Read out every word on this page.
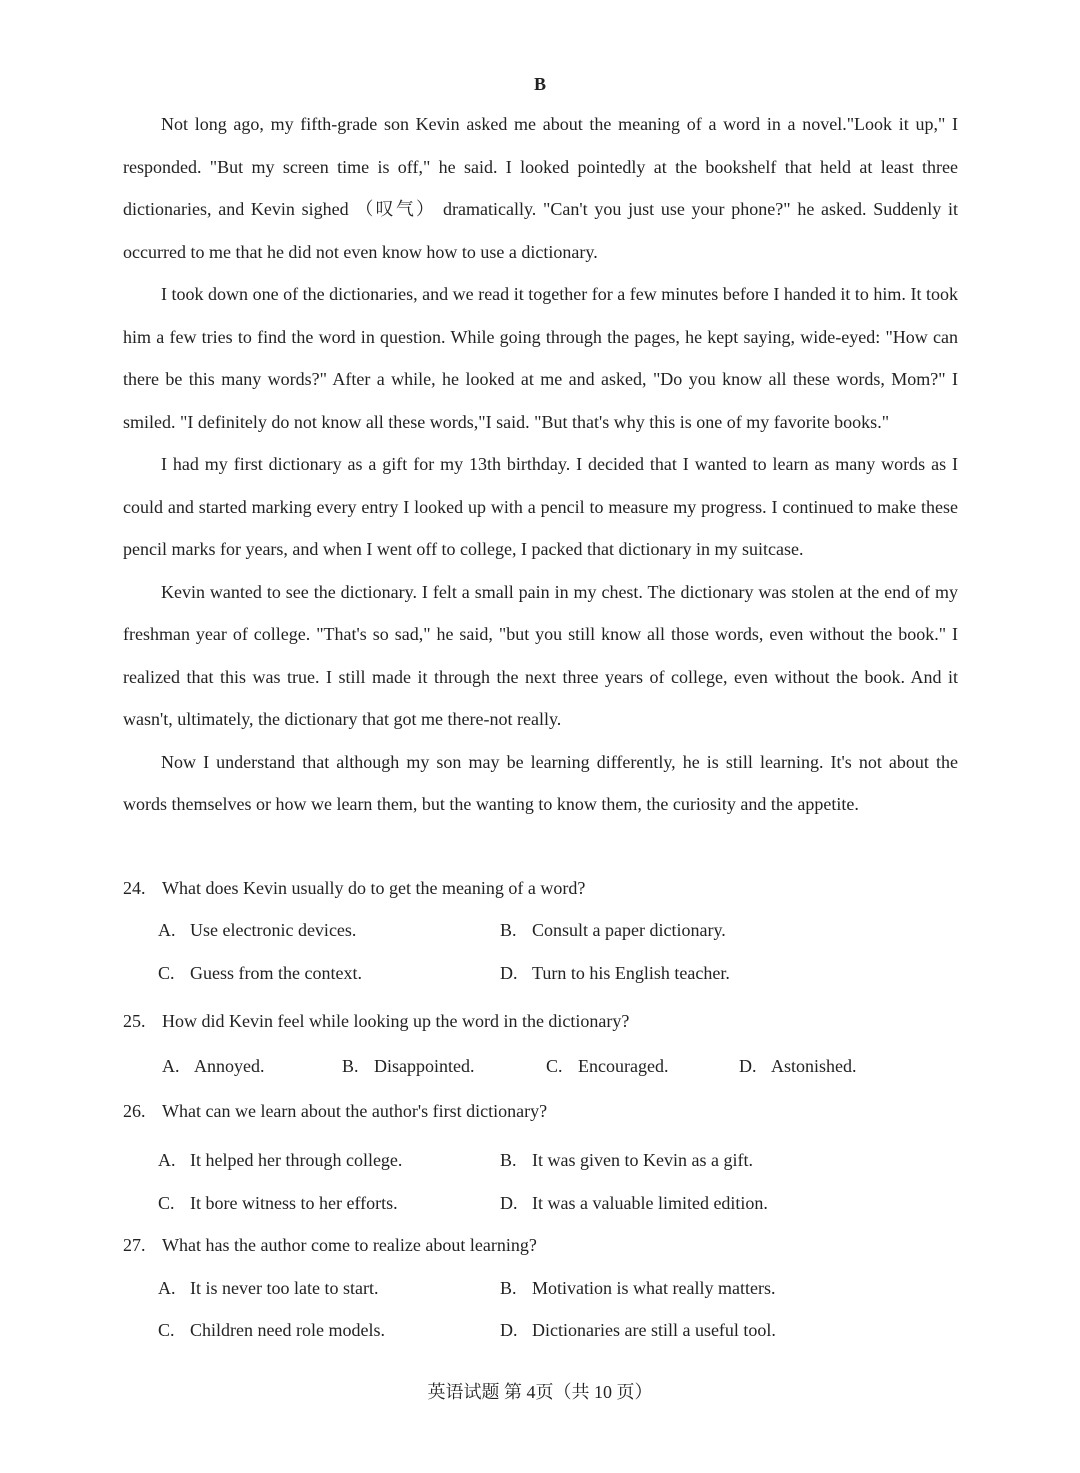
B

Not long ago, my fifth-grade son Kevin asked me about the meaning of a word in a novel."Look it up," I responded. "But my screen time is off," he said. I looked pointedly at the bookshelf that held at least three dictionaries, and Kevin sighed （叹气） dramatically. "Can't you just use your phone?" he asked. Suddenly it occurred to me that he did not even know how to use a dictionary.

I took down one of the dictionaries, and we read it together for a few minutes before I handed it to him. It took him a few tries to find the word in question. While going through the pages, he kept saying, wide-eyed: "How can there be this many words?" After a while, he looked at me and asked, "Do you know all these words, Mom?" I smiled. "I definitely do not know all these words,"I said. "But that's why this is one of my favorite books."

I had my first dictionary as a gift for my 13th birthday. I decided that I wanted to learn as many words as I could and started marking every entry I looked up with a pencil to measure my progress. I continued to make these pencil marks for years, and when I went off to college, I packed that dictionary in my suitcase.

Kevin wanted to see the dictionary. I felt a small pain in my chest. The dictionary was stolen at the end of my freshman year of college. "That's so sad," he said, "but you still know all those words, even without the book." I realized that this was true. I still made it through the next three years of college, even without the book. And it wasn't, ultimately, the dictionary that got me there-not really.

Now I understand that although my son may be learning differently, he is still learning. It's not about the words themselves or how we learn them, but the wanting to know them, the curiosity and the appetite.

24. What does Kevin usually do to get the meaning of a word?
A. Use electronic devices.	B. Consult a paper dictionary.
C. Guess from the context.	D. Turn to his English teacher.
25. How did Kevin feel while looking up the word in the dictionary?
A. Annoyed.	B. Disappointed.	C. Encouraged.	D. Astonished.
26. What can we learn about the author's first dictionary?
A. It helped her through college.	B. It was given to Kevin as a gift.
C. It bore witness to her efforts.	D. It was a valuable limited edition.
27. What has the author come to realize about learning?
A. It is never too late to start.	B. Motivation is what really matters.
C. Children need role models.	D. Dictionaries are still a useful tool.
英语试题 第 4页（共 10 页）
